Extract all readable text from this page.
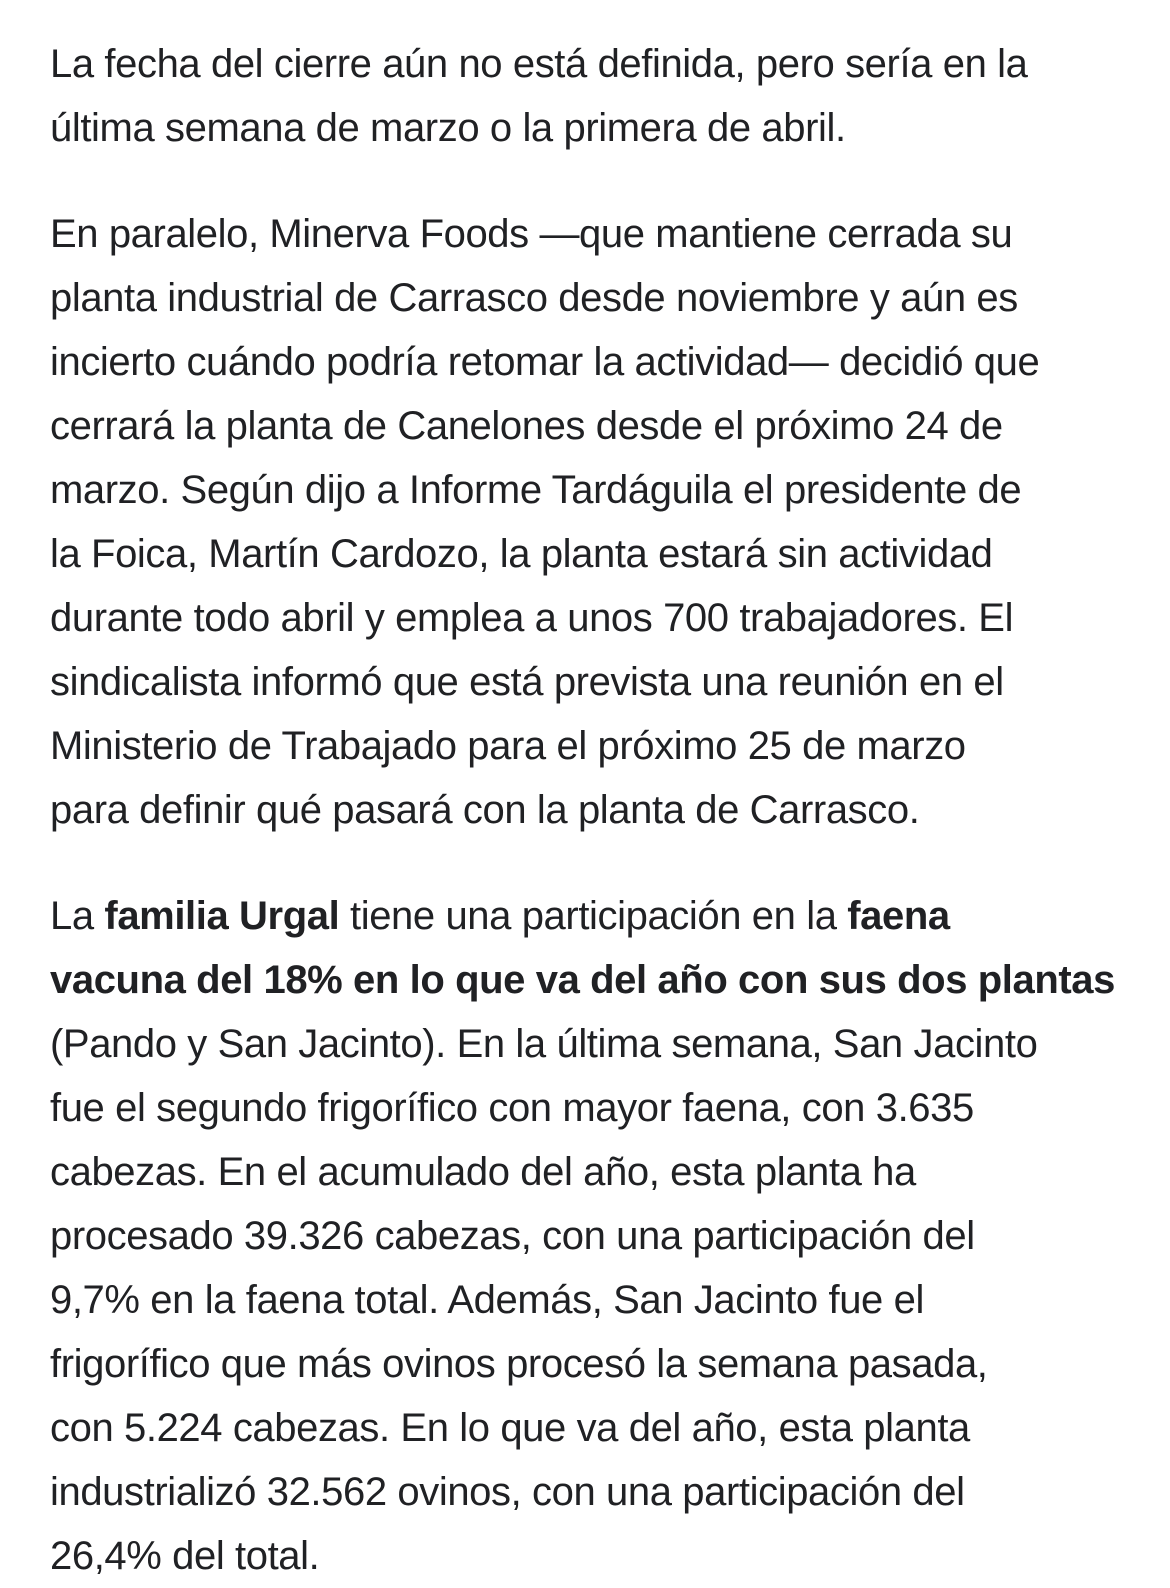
La fecha del cierre aún no está definida, pero sería en la
última semana de marzo o la primera de abril.

En paralelo, Minerva Foods —que mantiene cerrada su
planta industrial de Carrasco desde noviembre y aún es
incierto cuándo podría retomar la actividad— decidió que
cerrará la planta de Canelones desde el próximo 24 de
marzo. Según dijo a Informe Tardáguila el presidente de
la Foica, Martín Cardozo, la planta estará sin actividad
durante todo abril y emplea a unos 700 trabajadores. El
sindicalista informó que está prevista una reunión en el
Ministerio de Trabajado para el próximo 25 de marzo
para definir qué pasará con la planta de Carrasco.

La familia Urgal tiene una participación en la faena
vacuna del 18% en lo que va del año con sus dos plantas
(Pando y San Jacinto). En la última semana, San Jacinto
fue el segundo frigorífico con mayor faena, con 3.635
cabezas. En el acumulado del año, esta planta ha
procesado 39.326 cabezas, con una participación del
9,7% en la faena total. Además, San Jacinto fue el
frigorífico que más ovinos procesó la semana pasada,
con 5.224 cabezas. En lo que va del año, esta planta
industrializó 32.562 ovinos, con una participación del
26,4% del total.
